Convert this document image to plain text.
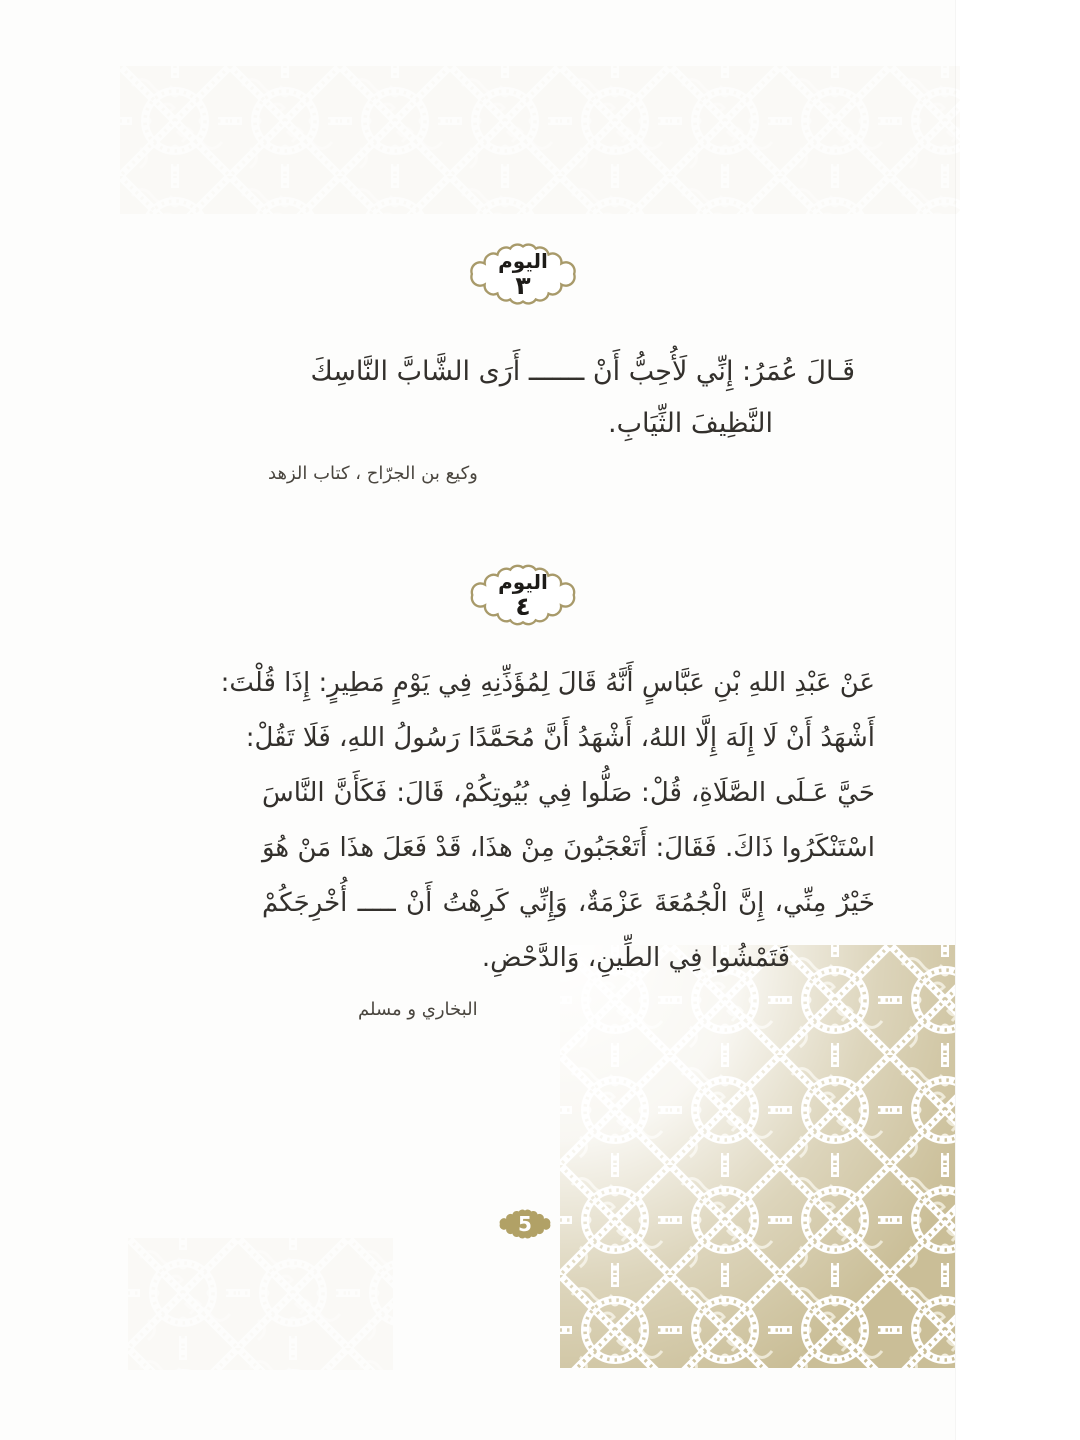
اليوم
٣
قَـالَ عُمَرُ: إِنِّي لَأُحِبُّ أَنْ ـــــــ أَرَى الشَّابَّ النَّاسِكَ
النَّظِيفَ الثِّيَابِ.
وكيع بن الجرّاح ، كتاب الزهد
اليوم
٤
عَنْ عَبْدِ اللهِ بْنِ عَبَّاسٍ أَنَّهُ قَالَ لِمُؤَذِّنِهِ فِي يَوْمٍ مَطِيرٍ: إِذَا قُلْتَ:
أَشْهَدُ أَنْ لَا إِلَهَ إِلَّا اللهُ، أَشْهَدُ أَنَّ مُحَمَّدًا رَسُولُ اللهِ، فَلَا تَقُلْ:
حَيَّ عَـلَى الصَّلَاةِ، قُلْ: صَلُّوا فِي بُيُوتِكُمْ، قَالَ: فَكَأَنَّ النَّاسَ
اسْتَنْكَرُوا ذَاكَ. فَقَالَ: أَتَعْجَبُونَ مِنْ هذَا، قَدْ فَعَلَ هذَا مَنْ هُوَ
خَيْرٌ مِنِّي، إِنَّ الْجُمُعَةَ عَزْمَةٌ، وَإِنِّي كَرِهْتُ أَنْ ـــــ أُخْرِجَكُمْ
فَتَمْشُوا فِي الطِّينِ، وَالدَّحْضِ.
البخاري و مسلم
5
